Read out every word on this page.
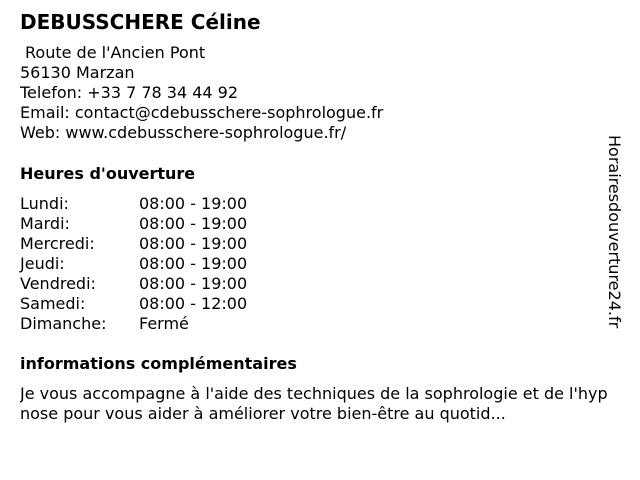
DEBUSSCHERE Céline
Route de l'Ancien Pont
56130 Marzan
Telefon: +33 7 78 34 44 92
Email: contact@cdebusschere-sophrologue.fr
Web: www.cdebusschere-sophrologue.fr/
Heures d'ouverture
Lundi:	08:00 - 19:00
Mardi:	08:00 - 19:00
Mercredi:	08:00 - 19:00
Jeudi:	08:00 - 19:00
Vendredi:	08:00 - 19:00
Samedi:	08:00 - 12:00
Dimanche: Fermé
informations complémentaires
Je vous accompagne à l'aide des techniques de la sophrologie et de l'hypnose pour vous aider à améliorer votre bien-être au quotid...
Horairesdouverture24.fr
